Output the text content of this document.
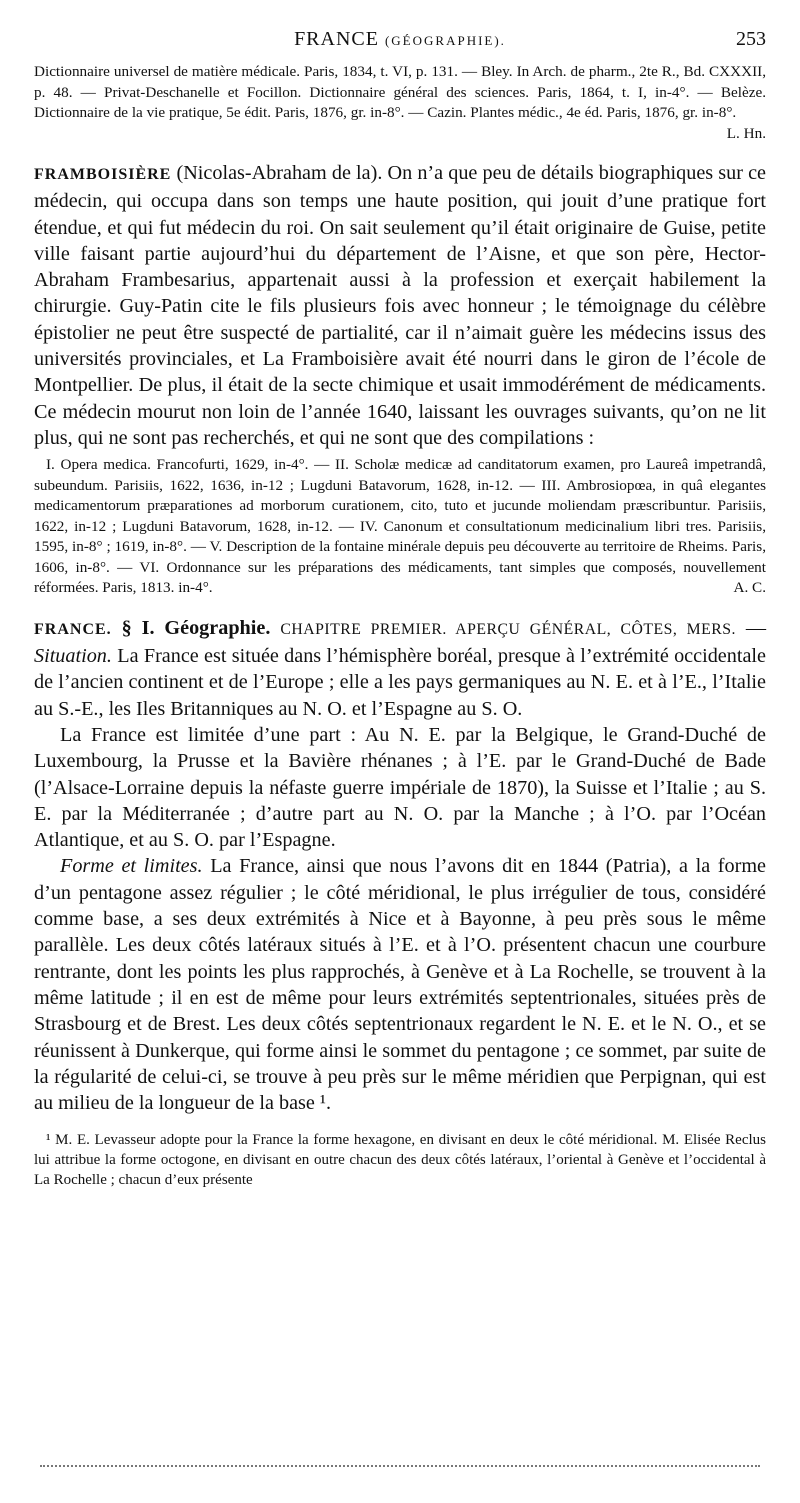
FRANCE (GÉOGRAPHIE).	253

Dictionnaire universel de matière médicale. Paris, 1834, t. VI, p. 131. — Bley. In Arch. de pharm., 2te R., Bd. CXXXII, p. 48. — Privat-Deschanelle et Focillon. Dictionnaire général des sciences. Paris, 1864, t. I, in-4°. — Belèze. Dictionnaire de la vie pratique, 5e édit. Paris, 1876, gr. in-8°. — Cazin. Plantes médic., 4e éd. Paris, 1876, gr. in-8°.
L. Hn.

FRAMBOISIÈRE (Nicolas-Abraham de la). On n’a que peu de détails biographiques sur ce médecin, qui occupa dans son temps une haute position, qui jouit d’une pratique fort étendue, et qui fut médecin du roi. On sait seulement qu’il était originaire de Guise, petite ville faisant partie aujourd’hui du département de l’Aisne, et que son père, Hector-Abraham Frambesarius, appartenait aussi à la profession et exerçait habilement la chirurgie. Guy-Patin cite le fils plusieurs fois avec honneur ; le témoignage du célèbre épistolier ne peut être suspecté de partialité, car il n’aimait guère les médecins issus des universités provinciales, et La Framboisière avait été nourri dans le giron de l’école de Montpellier. De plus, il était de la secte chimique et usait immodérément de médicaments. Ce médecin mourut non loin de l’année 1640, laissant les ouvrages suivants, qu’on ne lit plus, qui ne sont pas recherchés, et qui ne sont que des compilations :

I. Opera medica. Francofurti, 1629, in-4°. — II. Scholæ medicæ ad canditatorum examen, pro Laureâ impetrandâ, subeundum. Parisiis, 1622, 1636, in-12 ; Lugduni Batavorum, 1628, in-12. — III. Ambrosiopœa, in quâ elegantes medicamentorum præparationes ad morborum curationem, cito, tuto et jucunde moliendam præscribuntur. Parisiis, 1622, in-12 ; Lugduni Batavorum, 1628, in-12. — IV. Canonum et consultationum medicinalium libri tres. Parisiis, 1595, in-8° ; 1619, in-8°. — V. Description de la fontaine minérale depuis peu découverte au territoire de Rheims. Paris, 1606, in-8°. — VI. Ordonnance sur les préparations des médicaments, tant simples que composés, nouvellement réformées. Paris, 1813. in-4°.	A. C.

FRANCE. § I. Géographie. CHAPITRE PREMIER. APERÇU GÉNÉRAL, CÔTES, MERS. — Situation. La France est située dans l’hémisphère boréal, presque à l’extrémité occidentale de l’ancien continent et de l’Europe ; elle a les pays germaniques au N. E. et à l’E., l’Italie au S.-E., les Iles Britanniques au N. O. et l’Espagne au S. O.

La France est limitée d’une part : Au N. E. par la Belgique, le Grand-Duché de Luxembourg, la Prusse et la Bavière rhénanes ; à l’E. par le Grand-Duché de Bade (l’Alsace-Lorraine depuis la néfaste guerre impériale de 1870), la Suisse et l’Italie ; au S. E. par la Méditerranée ; d’autre part au N. O. par la Manche ; à l’O. par l’Océan Atlantique, et au S. O. par l’Espagne.

Forme et limites. La France, ainsi que nous l’avons dit en 1844 (Patria), a la forme d’un pentagone assez régulier ; le côté méridional, le plus irrégulier de tous, considéré comme base, a ses deux extrémités à Nice et à Bayonne, à peu près sous le même parallèle. Les deux côtés latéraux situés à l’E. et à l’O. présentent chacun une courbure rentrante, dont les points les plus rapprochés, à Genève et à La Rochelle, se trouvent à la même latitude ; il en est de même pour leurs extrémités septentrionales, situées près de Strasbourg et de Brest. Les deux côtés septentrionaux regardent le N. E. et le N. O., et se réunissent à Dunkerque, qui forme ainsi le sommet du pentagone ; ce sommet, par suite de la régularité de celui-ci, se trouve à peu près sur le même méridien que Perpignan, qui est au milieu de la longueur de la base ¹.

¹ M. E. Levasseur adopte pour la France la forme hexagone, en divisant en deux le côté méridional. M. Elisée Reclus lui attribue la forme octogone, en divisant en outre chacun des deux côtés latéraux, l’oriental à Genève et l’occidental à La Rochelle ; chacun d’eux présente
